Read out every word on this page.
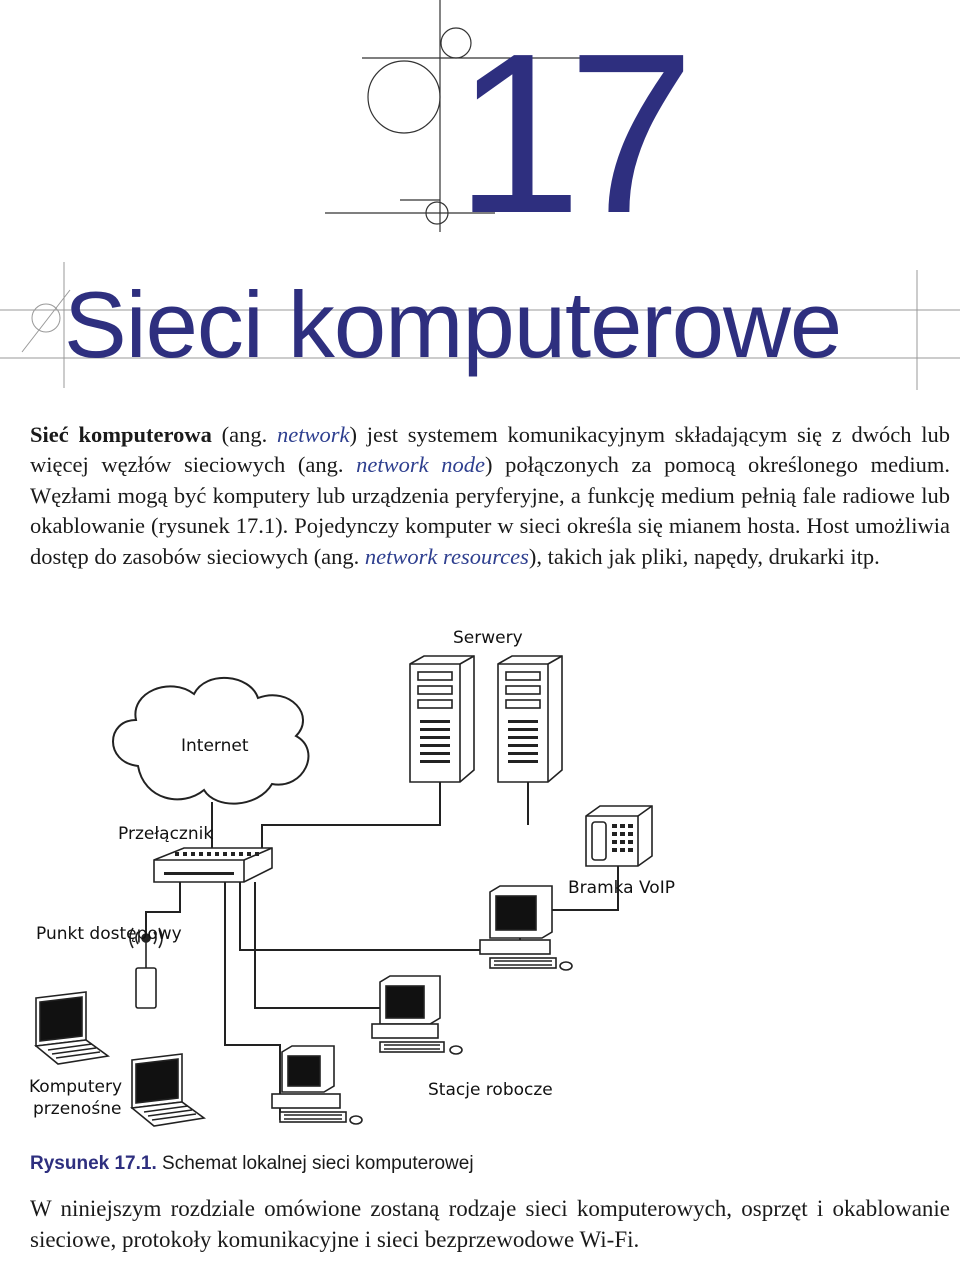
17
Sieci komputerowe

Sieć komputerowa (ang. network) jest systemem komunikacyjnym składającym się z dwóch lub więcej węzłów sieciowych (ang. network node) połączonych za pomocą określonego medium. Węzłami mogą być komputery lub urządzenia peryferyjne, a funkcję medium pełnią fale radiowe lub okablowanie (rysunek 17.1). Pojedynczy komputer w sieci określa się mianem hosta. Host umożliwia dostęp do zasobów sieciowych (ang. network resources), takich jak pliki, napędy, drukarki itp.

Serwery
Internet
Przełącznik
Bramka VoIP
Punkt dostępowy
Komputery
przenośne
Stacje robocze
Rysunek 17.1. Schemat lokalnej sieci komputerowej

W niniejszym rozdziale omówione zostaną rodzaje sieci komputerowych, osprzęt i okablowanie sieciowe, protokoły komunikacyjne i sieci bezprzewodowe Wi-Fi.
